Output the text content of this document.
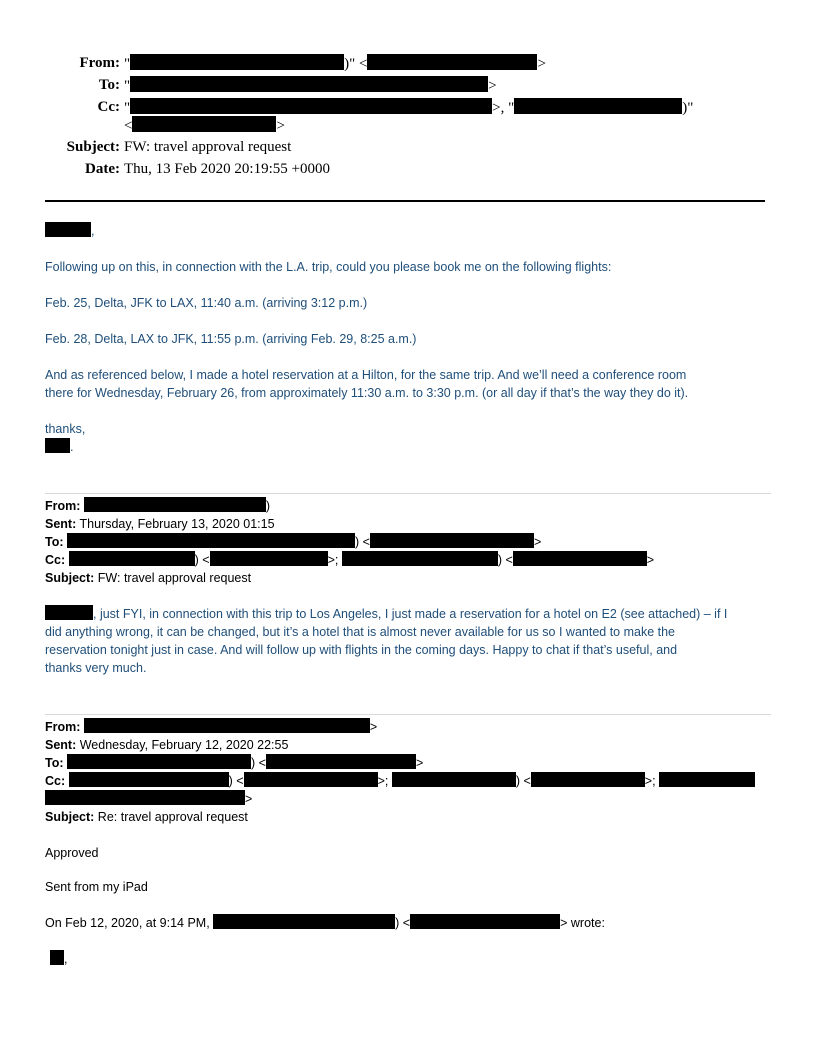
From: "	)" <	>
To: "	>
Cc: "	>, "	)"
<	>
Subject: FW: travel approval request
Date: Thu, 13 Feb 2020 20:19:55 +0000
,
Following up on this, in connection with the L.A. trip, could you please book me on the following flights:
Feb. 25, Delta, JFK to LAX, 11:40 a.m. (arriving 3:12 p.m.)
Feb. 28, Delta, LAX to JFK, 11:55 p.m. (arriving Feb. 29, 8:25 a.m.)
And as referenced below, I made a hotel reservation at a Hilton, for the same trip. And we’ll need a conference room
there for Wednesday, February 26, from approximately 11:30 a.m. to 3:30 p.m. (or all day if that’s the way they do it).
thanks,
.
From:	)
Sent: Thursday, February 13, 2020 01:15
To:	) <	>
Cc:	) <	>;	) <	>
Subject: FW: travel approval request
, just FYI, in connection with this trip to Los Angeles, I just made a reservation for a hotel on E2 (see attached) – if I
did anything wrong, it can be changed, but it’s a hotel that is almost never available for us so I wanted to make the
reservation tonight just in case. And will follow up with flights in the coming days. Happy to chat if that’s useful, and
thanks very much.
From:	>
Sent: Wednesday, February 12, 2020 22:55
To:	) <	>
Cc:	) <	>;	) <	>;
>
Subject: Re: travel approval request
Approved
Sent from my iPad
On Feb 12, 2020, at 9:14 PM,	) <	> wrote:
,
